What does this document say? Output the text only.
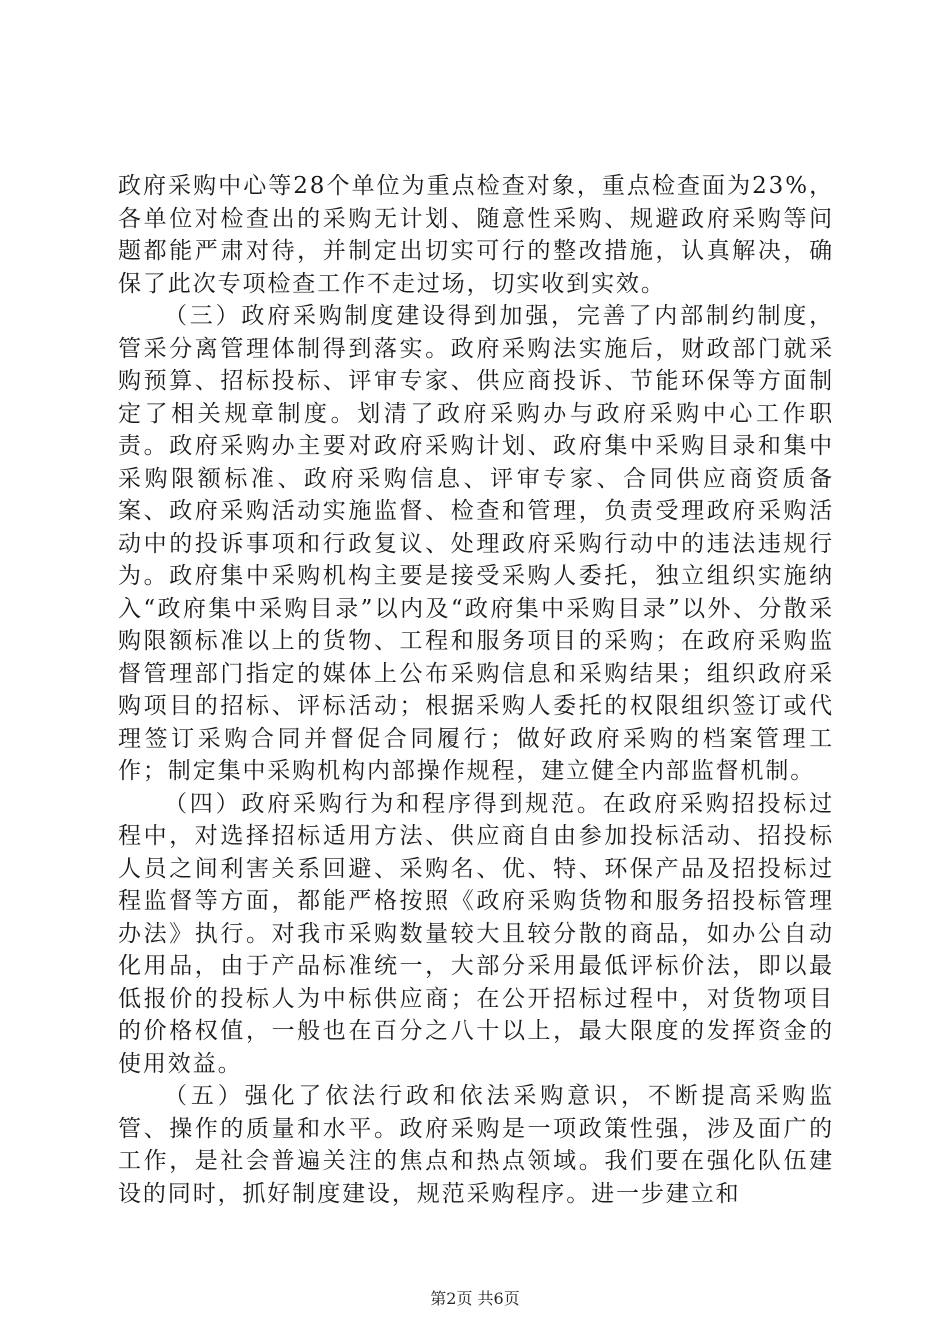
政府采购中心等28个单位为重点检查对象，重点检查面为23%，各单位对检查出的采购无计划、随意性采购、规避政府采购等问题都能严肃对待，并制定出切实可行的整改措施，认真解决，确保了此次专项检查工作不走过场，切实收到实效。

（三）政府采购制度建设得到加强，完善了内部制约制度，管采分离管理体制得到落实。政府采购法实施后，财政部门就采购预算、招标投标、评审专家、供应商投诉、节能环保等方面制定了相关规章制度。划清了政府采购办与政府采购中心工作职责。政府采购办主要对政府采购计划、政府集中采购目录和集中采购限额标准、政府采购信息、评审专家、合同供应商资质备案、政府采购活动实施监督、检查和管理，负责受理政府采购活动中的投诉事项和行政复议、处理政府采购行动中的违法违规行为。政府集中采购机构主要是接受采购人委托，独立组织实施纳入“政府集中采购目录”以内及“政府集中采购目录”以外、分散采购限额标准以上的货物、工程和服务项目的采购；在政府采购监督管理部门指定的媒体上公布采购信息和采购结果；组织政府采购项目的招标、评标活动；根据采购人委托的权限组织签订或代理签订采购合同并督促合同履行；做好政府采购的档案管理工作；制定集中采购机构内部操作规程，建立健全内部监督机制。

（四）政府采购行为和程序得到规范。在政府采购招投标过程中，对选择招标适用方法、供应商自由参加投标活动、招投标人员之间利害关系回避、采购名、优、特、环保产品及招投标过程监督等方面，都能严格按照《政府采购货物和服务招投标管理办法》执行。对我市采购数量较大且较分散的商品，如办公自动化用品，由于产品标准统一，大部分采用最低评标价法，即以最低报价的投标人为中标供应商；在公开招标过程中，对货物项目的价格权值，一般也在百分之八十以上，最大限度的发挥资金的使用效益。

（五）强化了依法行政和依法采购意识，不断提高采购监管、操作的质量和水平。政府采购是一项政策性强，涉及面广的工作，是社会普遍关注的焦点和热点领域。我们要在强化队伍建设的同时，抓好制度建设，规范采购程序。进一步建立和

第2页 共6页
